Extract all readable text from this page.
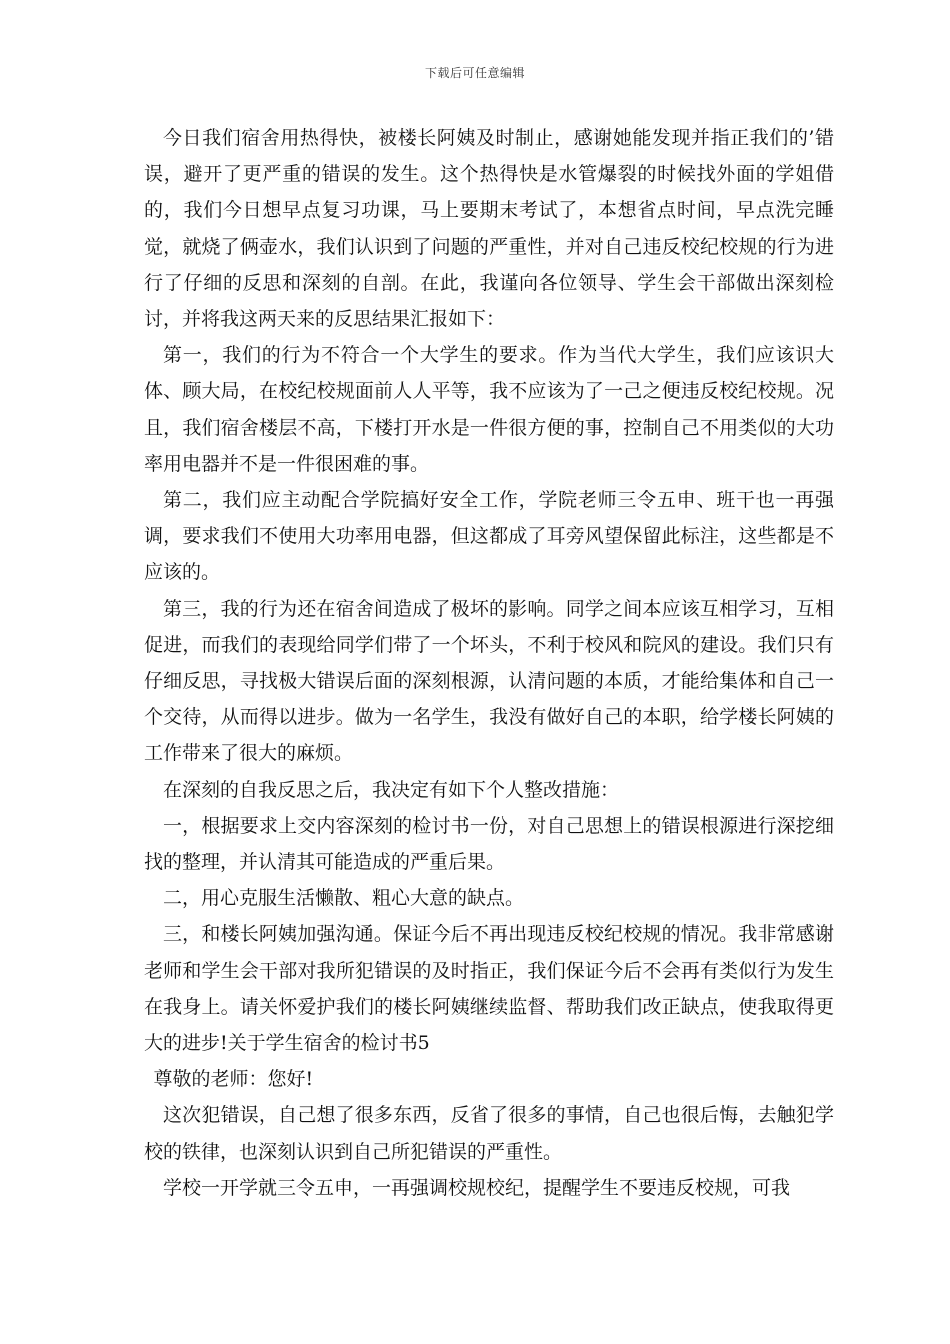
下载后可任意编辑

今日我们宿舍用热得快，被楼长阿姨及时制止，感谢她能发现并指正我们的’错误，避开了更严重的错误的发生。这个热得快是水管爆裂的时候找外面的学姐借的，我们今日想早点复习功课，马上要期末考试了，本想省点时间，早点洗完睡觉，就烧了俩壶水，我们认识到了问题的严重性，并对自己违反校纪校规的行为进行了仔细的反思和深刻的自剖。在此，我谨向各位领导、学生会干部做出深刻检讨，并将我这两天来的反思结果汇报如下：

第一，我们的行为不符合一个大学生的要求。作为当代大学生，我们应该识大体、顾大局，在校纪校规面前人人平等，我不应该为了一己之便违反校纪校规。况且，我们宿舍楼层不高，下楼打开水是一件很方便的事，控制自己不用类似的大功率用电器并不是一件很困难的事。

第二，我们应主动配合学院搞好安全工作，学院老师三令五申、班干也一再强调，要求我们不使用大功率用电器，但这都成了耳旁风望保留此标注，这些都是不应该的。

第三，我的行为还在宿舍间造成了极坏的影响。同学之间本应该互相学习，互相促进，而我们的表现给同学们带了一个坏头，不利于校风和院风的建设。我们只有仔细反思，寻找极大错误后面的深刻根源，认清问题的本质，才能给集体和自己一个交待，从而得以进步。做为一名学生，我没有做好自己的本职，给学楼长阿姨的工作带来了很大的麻烦。

在深刻的自我反思之后，我决定有如下个人整改措施：

一，根据要求上交内容深刻的检讨书一份，对自己思想上的错误根源进行深挖细找的整理，并认清其可能造成的严重后果。

二，用心克服生活懒散、粗心大意的缺点。

三，和楼长阿姨加强沟通。保证今后不再出现违反校纪校规的情况。我非常感谢老师和学生会干部对我所犯错误的及时指正，我们保证今后不会再有类似行为发生在我身上。请关怀爱护我们的楼长阿姨继续监督、帮助我们改正缺点，使我取得更大的进步!关于学生宿舍的检讨书5

尊敬的老师：您好!

这次犯错误，自己想了很多东西，反省了很多的事情，自己也很后悔，去触犯学校的铁律，也深刻认识到自己所犯错误的严重性。

学校一开学就三令五申，一再强调校规校纪，提醒学生不要违反校规，可我
